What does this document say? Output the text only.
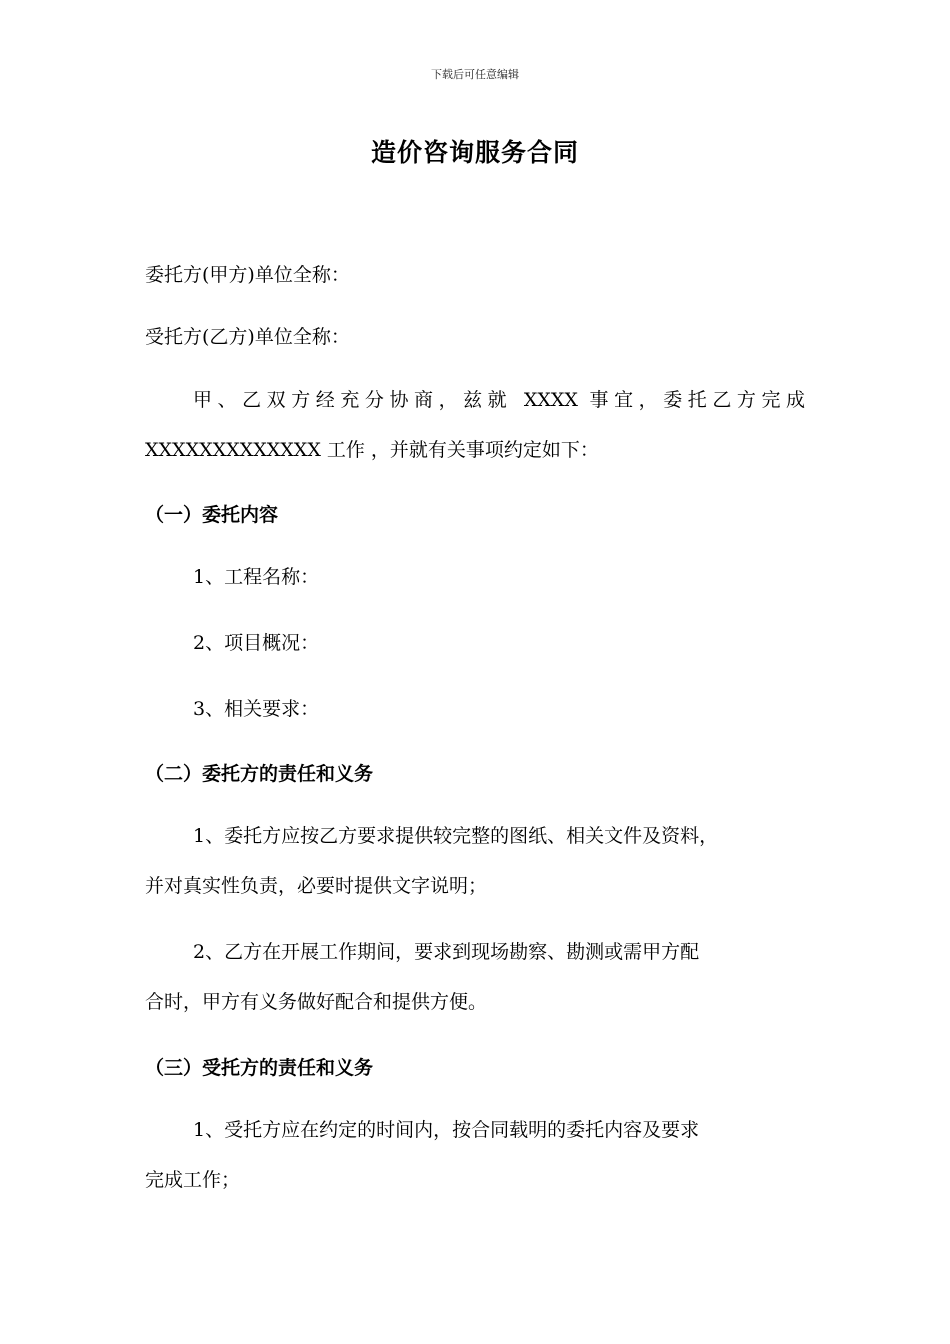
下载后可任意编辑
造价咨询服务合同
委托方(甲方)单位全称：
受托方(乙方)单位全称：
甲、乙双方经充分协商，兹就 XXXX 事宜，委托乙方完成
XXXXXXXXXXXXX 工作 ，并就有关事项约定如下：
（一）委托内容
1、工程名称：
2、项目概况：
3、相关要求：
（二）委托方的责任和义务
1、委托方应按乙方要求提供较完整的图纸、相关文件及资料，
并对真实性负责，必要时提供文字说明；
2、乙方在开展工作期间，要求到现场勘察、勘测或需甲方配
合时，甲方有义务做好配合和提供方便。
（三）受托方的责任和义务
1、受托方应在约定的时间内，按合同载明的委托内容及要求
完成工作；
